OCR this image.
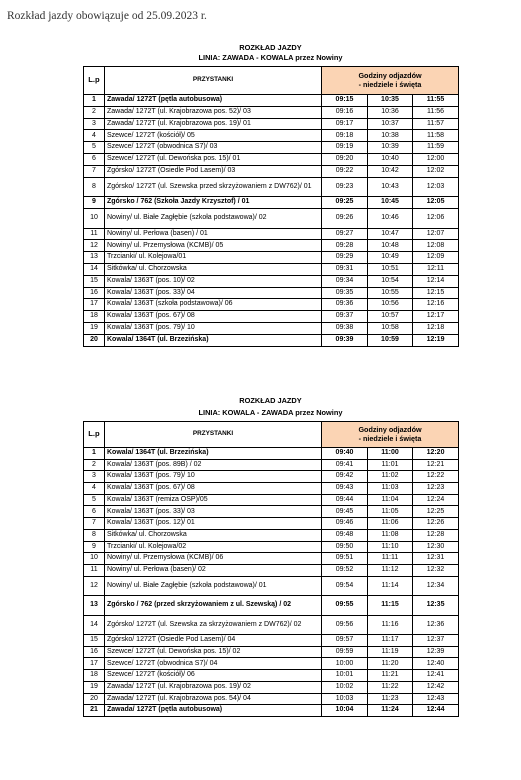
Rozkład jazdy obowiązuje od 25.09.2023 r.
ROZKŁAD JAZDY
LINIA: ZAWADA - KOWALA przez Nowiny
L.p	PRZYSTANKI	Godziny odjazdów
- niedziele i święta		
1	Zawada/ 1272T (pętla autobusowa)	09:15	10:35	11:55
2	Zawada/ 1272T (ul. Krajobrazowa pos. 52)/ 03	09:16	10:36	11:56
3	Zawada/ 1272T (ul. Krajobrazowa pos. 19)/ 01	09:17	10:37	11:57
4	Szewce/ 1272T (kościół)/ 05	09:18	10:38	11:58
5	Szewce/ 1272T (obwodnica S7)/ 03	09:19	10:39	11:59
6	Szewce/ 1272T (ul. Dewońska pos. 15)/ 01	09:20	10:40	12:00
7	Zgórsko/ 1272T (Osiedle Pod Lasem)/ 03	09:22	10:42	12:02
8	Zgórsko/ 1272T (ul. Szewska przed skrzyżowaniem z DW762)/ 01	09:23	10:43	12:03
9	Zgórsko / 762 (Szkoła Jazdy Krzysztof) / 01	09:25	10:45	12:05
10	Nowiny/ ul. Białe Zagłębie (szkoła podstawowa)/ 02	09:26	10:46	12:06
11	Nowiny/ ul. Perłowa (basen) / 01	09:27	10:47	12:07
12	Nowiny/ ul. Przemysłowa (KCMB)/ 05	09:28	10:48	12:08
13	Trzcianki/ ul. Kolejowa/01	09:29	10:49	12:09
14	Sitkówka/ ul. Chorzowska	09:31	10:51	12:11
15	Kowala/ 1363T (pos. 10)/ 02	09:34	10:54	12:14
16	Kowala/ 1363T (pos. 33)/ 04	09:35	10:55	12:15
17	Kowala/ 1363T (szkoła podstawowa)/ 06	09:36	10:56	12:16
18	Kowala/ 1363T (pos. 67)/ 08	09:37	10:57	12:17
19	Kowala/ 1363T (pos. 79)/ 10	09:38	10:58	12:18
20	Kowala/ 1364T (ul. Brzezińska)	09:39	10:59	12:19
ROZKŁAD JAZDY
LINIA: KOWALA - ZAWADA przez Nowiny
L.p	PRZYSTANKI	Godziny odjazdów
- niedziele i święta		
1	Kowala/ 1364T (ul. Brzezińska)	09:40	11:00	12:20
2	Kowala/ 1363T (pos. 89B) / 02	09:41	11:01	12:21
3	Kowala/ 1363T (pos. 79)/ 10	09:42	11:02	12:22
4	Kowala/ 1363T (pos. 67)/ 08	09:43	11:03	12:23
5	Kowala/ 1363T (remiza OSP)/05	09:44	11:04	12:24
6	Kowala/ 1363T (pos. 33)/ 03	09:45	11:05	12:25
7	Kowala/ 1363T (pos. 12)/ 01	09:46	11:06	12:26
8	Sitkówka/ ul. Chorzowska	09:48	11:08	12:28
9	Trzcianki/ ul. Kolejowa/02	09:50	11:10	12:30
10	Nowiny/ ul. Przemysłowa (KCMB)/ 06	09:51	11:11	12:31
11	Nowiny/ ul. Perłowa (basen)/ 02	09:52	11:12	12:32
12	Nowiny/ ul. Białe Zagłębie (szkoła podstawowa)/ 01	09:54	11:14	12:34
13	Zgórsko / 762 (przed skrzyżowaniem z ul. Szewską) / 02	09:55	11:15	12:35
14	Zgórsko/ 1272T (ul. Szewska za skrzyżowaniem z DW762)/ 02	09:56	11:16	12:36
15	Zgórsko/ 1272T (Osiedle Pod Lasem)/ 04	09:57	11:17	12:37
16	Szewce/ 1272T (ul. Dewońska pos. 15)/ 02	09:59	11:19	12:39
17	Szewce/ 1272T (obwodnica S7)/ 04	10:00	11:20	12:40
18	Szewce/ 1272T (kościół)/ 06	10:01	11:21	12:41
19	Zawada/ 1272T (ul. Krajobrazowa pos. 19)/ 02	10:02	11:22	12:42
20	Zawada/ 1272T (ul. Krajobrazowa pos. 54)/ 04	10:03	11:23	12:43
21	Zawada/ 1272T (pętla autobusowa)	10:04	11:24	12:44
